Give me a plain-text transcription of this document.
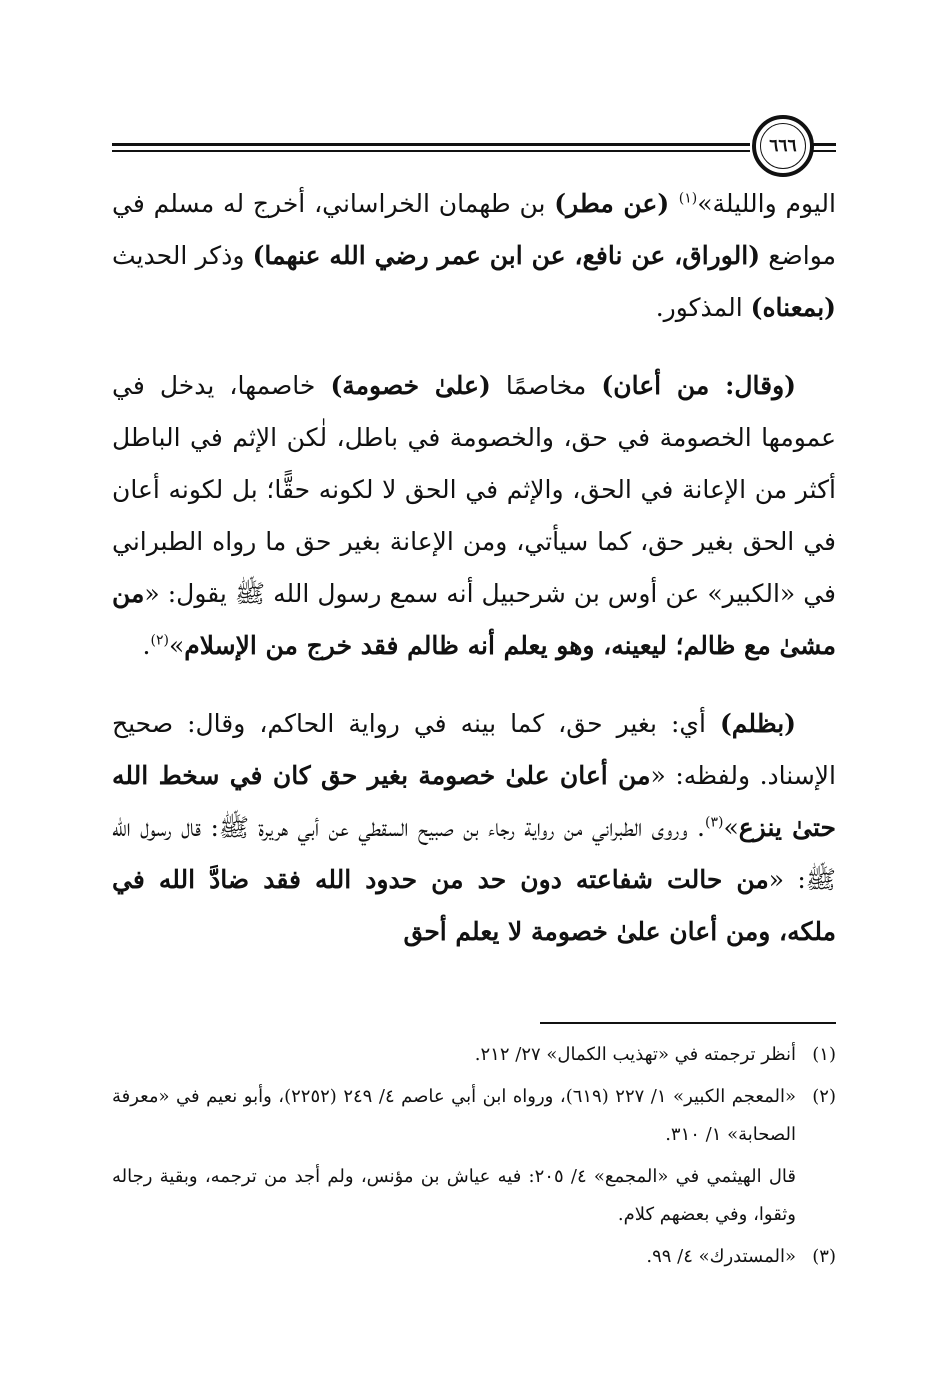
٦٦٦

اليوم والليلة»$^{(١)}$ (عن مطر) بن طهمان الخراساني، أخرج له مسلم في مواضع (الوراق، عن نافع، عن ابن عمر رضي الله عنهما) وذكر الحديث (بمعناه) المذكور.

(وقال: من أعان) مخاصمًا (علىٰ خصومة) خاصمها، يدخل في عمومها الخصومة في حق، والخصومة في باطل، لٰكن الإثم في الباطل أكثر من الإعانة في الحق، والإثم في الحق لا لكونه حقًّا؛ بل لكونه أعان في الحق بغير حق، كما سيأتي، ومن الإعانة بغير حق ما رواه الطبراني في «الكبير» عن أوس بن شرحبيل أنه سمع رسول الله ﷺ يقول: «من مشىٰ مع ظالم؛ ليعينه، وهو يعلم أنه ظالم فقد خرج من الإسلام»$^{(٢)}$.

(بظلم) أي: بغير حق، كما بينه في رواية الحاكم، وقال: صحيح الإسناد. ولفظه: «من أعان علىٰ خصومة بغير حق كان في سخط الله حتىٰ ينزع»$^{(٣)}$. وروى الطبراني من رواية رجاء بن صبيح السقطي عن أبي هريرة ﷺ: قال رسول الله ﷺ: «من حالت شفاعته دون حد من حدود الله فقد ضادَّ الله في ملكه، ومن أعان علىٰ خصومة لا يعلم أحق

(١)
أنظر ترجمته في «تهذيب الكمال» ٢٧/ ٢١٢.
(٢)
«المعجم الكبير» ١/ ٢٢٧ (٦١٩)، ورواه ابن أبي عاصم ٤/ ٢٤٩ (٢٢٥٢)، وأبو نعيم في «معرفة الصحابة» ١/ ٣١٠.
قال الهيثمي في «المجمع» ٤/ ٢٠٥: فيه عياش بن مؤنس، ولم أجد من ترجمه، وبقية رجاله وثقوا، وفي بعضهم كلام.
(٣)
«المستدرك» ٤/ ٩٩.
